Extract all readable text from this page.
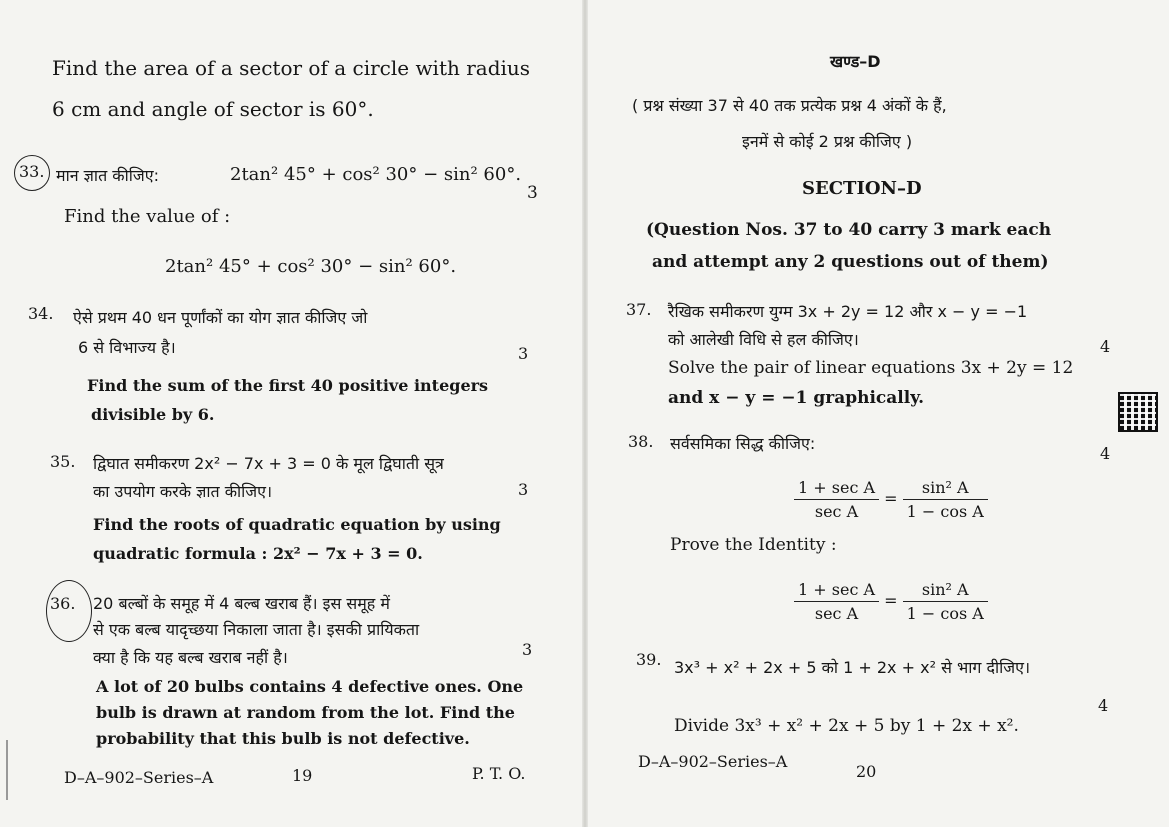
Find the area of a sector of a circle with radius
6 cm and angle of sector is 60°.
33. मान ज्ञात कीजिए:	2tan² 45° + cos² 30° − sin² 60°.
3
Find the value of :
2tan² 45° + cos² 30° − sin² 60°.
34. ऐसे प्रथम 40 धन पूर्णांकों का योग ज्ञात कीजिए जो
6 से विभाज्य है।	3
Find the sum of the first 40 positive integers
divisible by 6.
35. द्विघात समीकरण 2x² − 7x + 3 = 0 के मूल द्विघाती सूत्र
का उपयोग करके ज्ञात कीजिए।	3
Find the roots of quadratic equation by using
quadratic formula : 2x² − 7x + 3 = 0.
36. 20 बल्बों के समूह में 4 बल्ब खराब हैं। इस समूह में
से एक बल्ब यादृच्छया निकाला जाता है। इसकी प्रायिकता
क्या है कि यह बल्ब खराब नहीं है।	3
A lot of 20 bulbs contains 4 defective ones. One
bulb is drawn at random from the lot. Find the
probability that this bulb is not defective.
D–A–902–Series–A	19	P. T. O.
खण्ड–D
( प्रश्न संख्या 37 से 40 तक प्रत्येक प्रश्न 4 अंकों के हैं,
इनमें से कोई 2 प्रश्न कीजिए )
SECTION–D
(Question Nos. 37 to 40 carry 3 mark each
and attempt any 2 questions out of them)
37. रैखिक समीकरण युग्म 3x + 2y = 12 और x − y = −1
को आलेखी विधि से हल कीजिए।	4
Solve the pair of linear equations 3x + 2y = 12
and x − y = −1 graphically.
38. सर्वसमिका सिद्ध कीजिए:
4
$\frac{\text{1 + sec A}}{\text{sec A}} = \frac{\text{sin² A}}{\text{1 − cos A}}$
Prove the Identity :
$\frac{\text{1 + sec A}}{\text{sec A}} = \frac{\text{sin² A}}{\text{1 − cos A}}$
39. 3x³ + x² + 2x + 5 को 1 + 2x + x² से भाग दीजिए।
4
Divide 3x³ + x² + 2x + 5 by 1 + 2x + x².
D–A–902–Series–A
20
